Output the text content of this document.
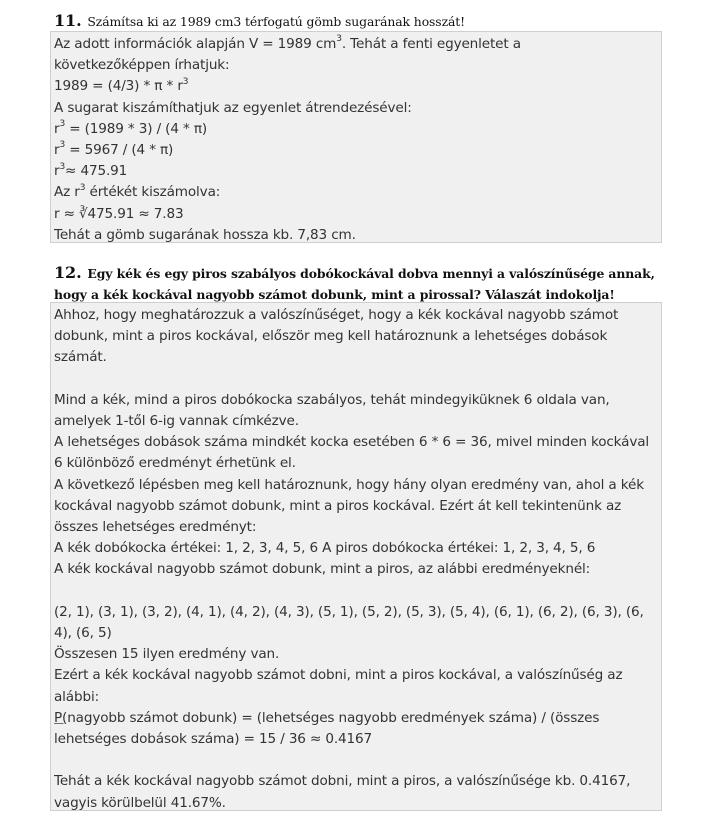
11. Számítsa ki az 1989 cm3 térfogatú gömb sugarának hosszát!
Az adott információk alapján V = 1989 $cm^3$. Tehát a fenti egyenletet a
következőképpen írhatjuk:
$1989 = (4/3) * \pi * r^3$
A sugarat kiszámíthatjuk az egyenlet átrendezésével:
$r^3 = (1989 * 3) / (4 * \pi)$
$r^3 = 5967 / (4 * \pi)$
$r^3\approx 475.91$
Az $r^3$ értékét kiszámolva:
r ≈ ∛475.91 ≈ 7.83
Tehát a gömb sugarának hossza kb. 7,83 cm.
12. Egy kék és egy piros szabályos dobókockával dobva mennyi a valószínűsége annak, hogy a kék kockával nagyobb számot dobunk, mint a pirossal? Válaszát indokolja!
Ahhoz, hogy meghatározzuk a valószínűséget, hogy a kék kockával nagyobb számot dobunk, mint a piros kockával, először meg kell határoznunk a lehetséges dobások számát.
Mind a kék, mind a piros dobókocka szabályos, tehát mindegyiküknek 6 oldala van, amelyek 1-től 6-ig vannak címkézve.
A lehetséges dobások száma mindkét kocka esetében 6 * 6 = 36, mivel minden kockával 6 különböző eredményt érhetünk el.
A következő lépésben meg kell határoznunk, hogy hány olyan eredmény van, ahol a kék kockával nagyobb számot dobunk, mint a piros kockával. Ezért át kell tekintenünk az összes lehetséges eredményt:
A kék dobókocka értékei: 1, 2, 3, 4, 5, 6 A piros dobókocka értékei: 1, 2, 3, 4, 5, 6
A kék kockával nagyobb számot dobunk, mint a piros, az alábbi eredményeknél:
(2, 1), (3, 1), (3, 2), (4, 1), (4, 2), (4, 3), (5, 1), (5, 2), (5, 3), (5, 4), (6, 1), (6, 2), (6, 3), (6, 4), (6, 5)
Összesen 15 ilyen eredmény van.
Ezért a kék kockával nagyobb számot dobni, mint a piros kockával, a valószínűség az alábbi:
P(nagyobb számot dobunk) = (lehetséges nagyobb eredmények száma) / (összes lehetséges dobások száma) = 15 / 36 ≈ 0.4167
Tehát a kék kockával nagyobb számot dobni, mint a piros, a valószínűsége kb. 0.4167, vagyis körülbelül 41.67%.
